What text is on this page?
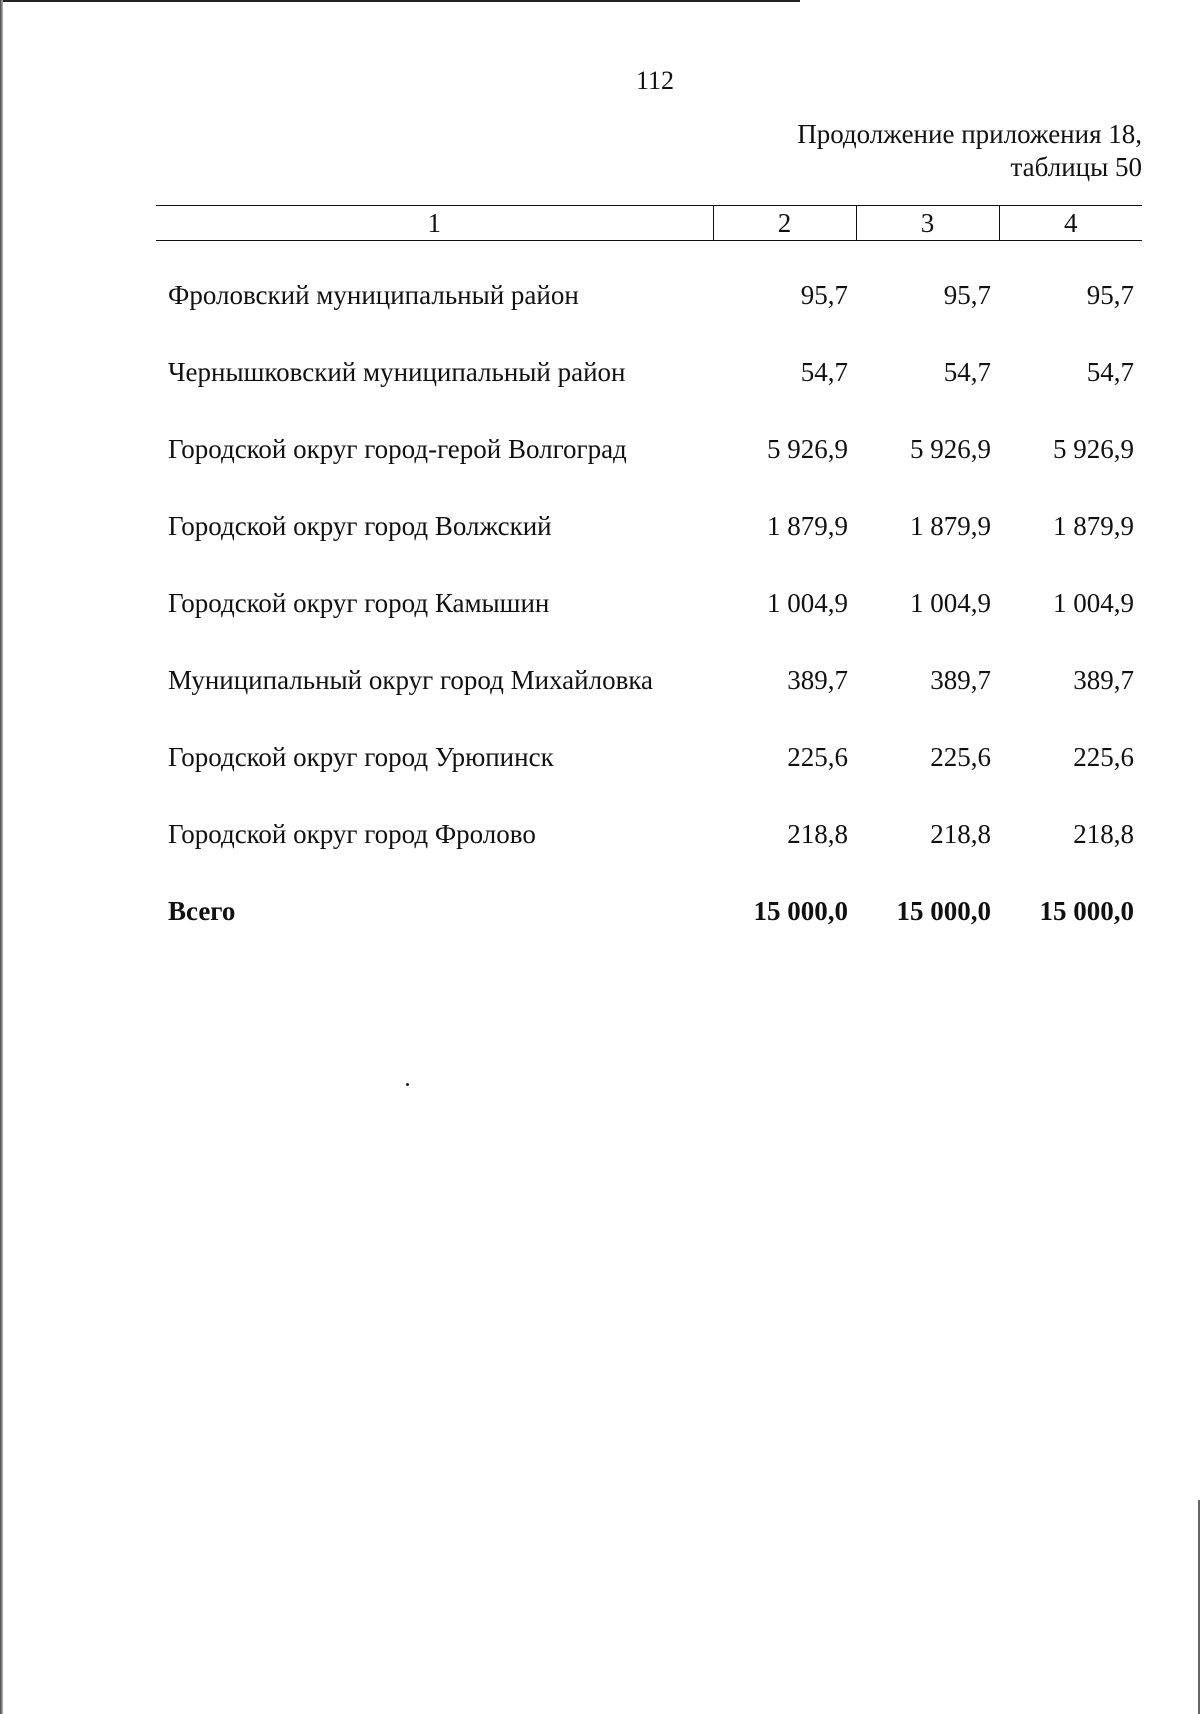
112
Продолжение приложения 18,
таблицы 50
1	2	3	4
Фроловский муниципальный район	95,7	95,7	95,7
Чернышковский муниципальный район	54,7	54,7	54,7
Городской округ город-герой Волгоград	5 926,9	5 926,9	5 926,9
Городской округ город Волжский	1 879,9	1 879,9	1 879,9
Городской округ город Камышин	1 004,9	1 004,9	1 004,9
Муниципальный округ город Михайловка	389,7	389,7	389,7
Городской округ город Урюпинск	225,6	225,6	225,6
Городской округ город Фролово	218,8	218,8	218,8
Всего	15 000,0	15 000,0	15 000,0
